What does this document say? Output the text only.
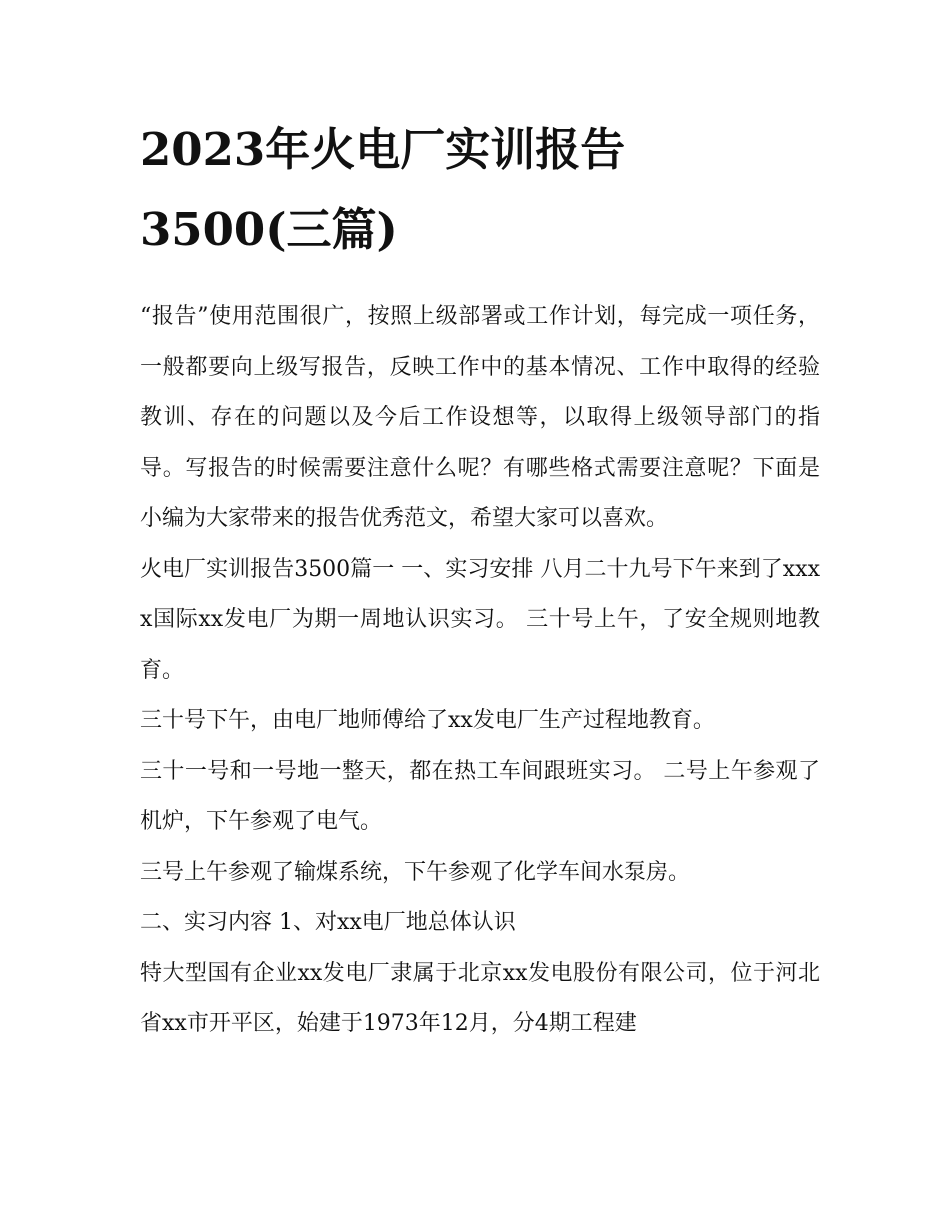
2023年火电厂实训报告
3500(三篇)

“报告”使用范围很广，按照上级部署或工作计划，每完成一项任务，一般都要向上级写报告，反映工作中的基本情况、工作中取得的经验教训、存在的问题以及今后工作设想等，以取得上级领导部门的指导。写报告的时候需要注意什么呢？有哪些格式需要注意呢？下面是小编为大家带来的报告优秀范文，希望大家可以喜欢。

火电厂实训报告3500篇一 一、实习安排 八月二十九号下午来到了xxxx国际xx发电厂为期一周地认识实习。 三十号上午，了安全规则地教育。

三十号下午，由电厂地师傅给了xx发电厂生产过程地教育。

三十一号和一号地一整天，都在热工车间跟班实习。 二号上午参观了机炉，下午参观了电气。

三号上午参观了输煤系统，下午参观了化学车间水泵房。

二、实习内容 1、对xx电厂地总体认识

特大型国有企业xx发电厂隶属于北京xx发电股份有限公司，位于河北省xx市开平区，始建于1973年12月，分4期工程建
